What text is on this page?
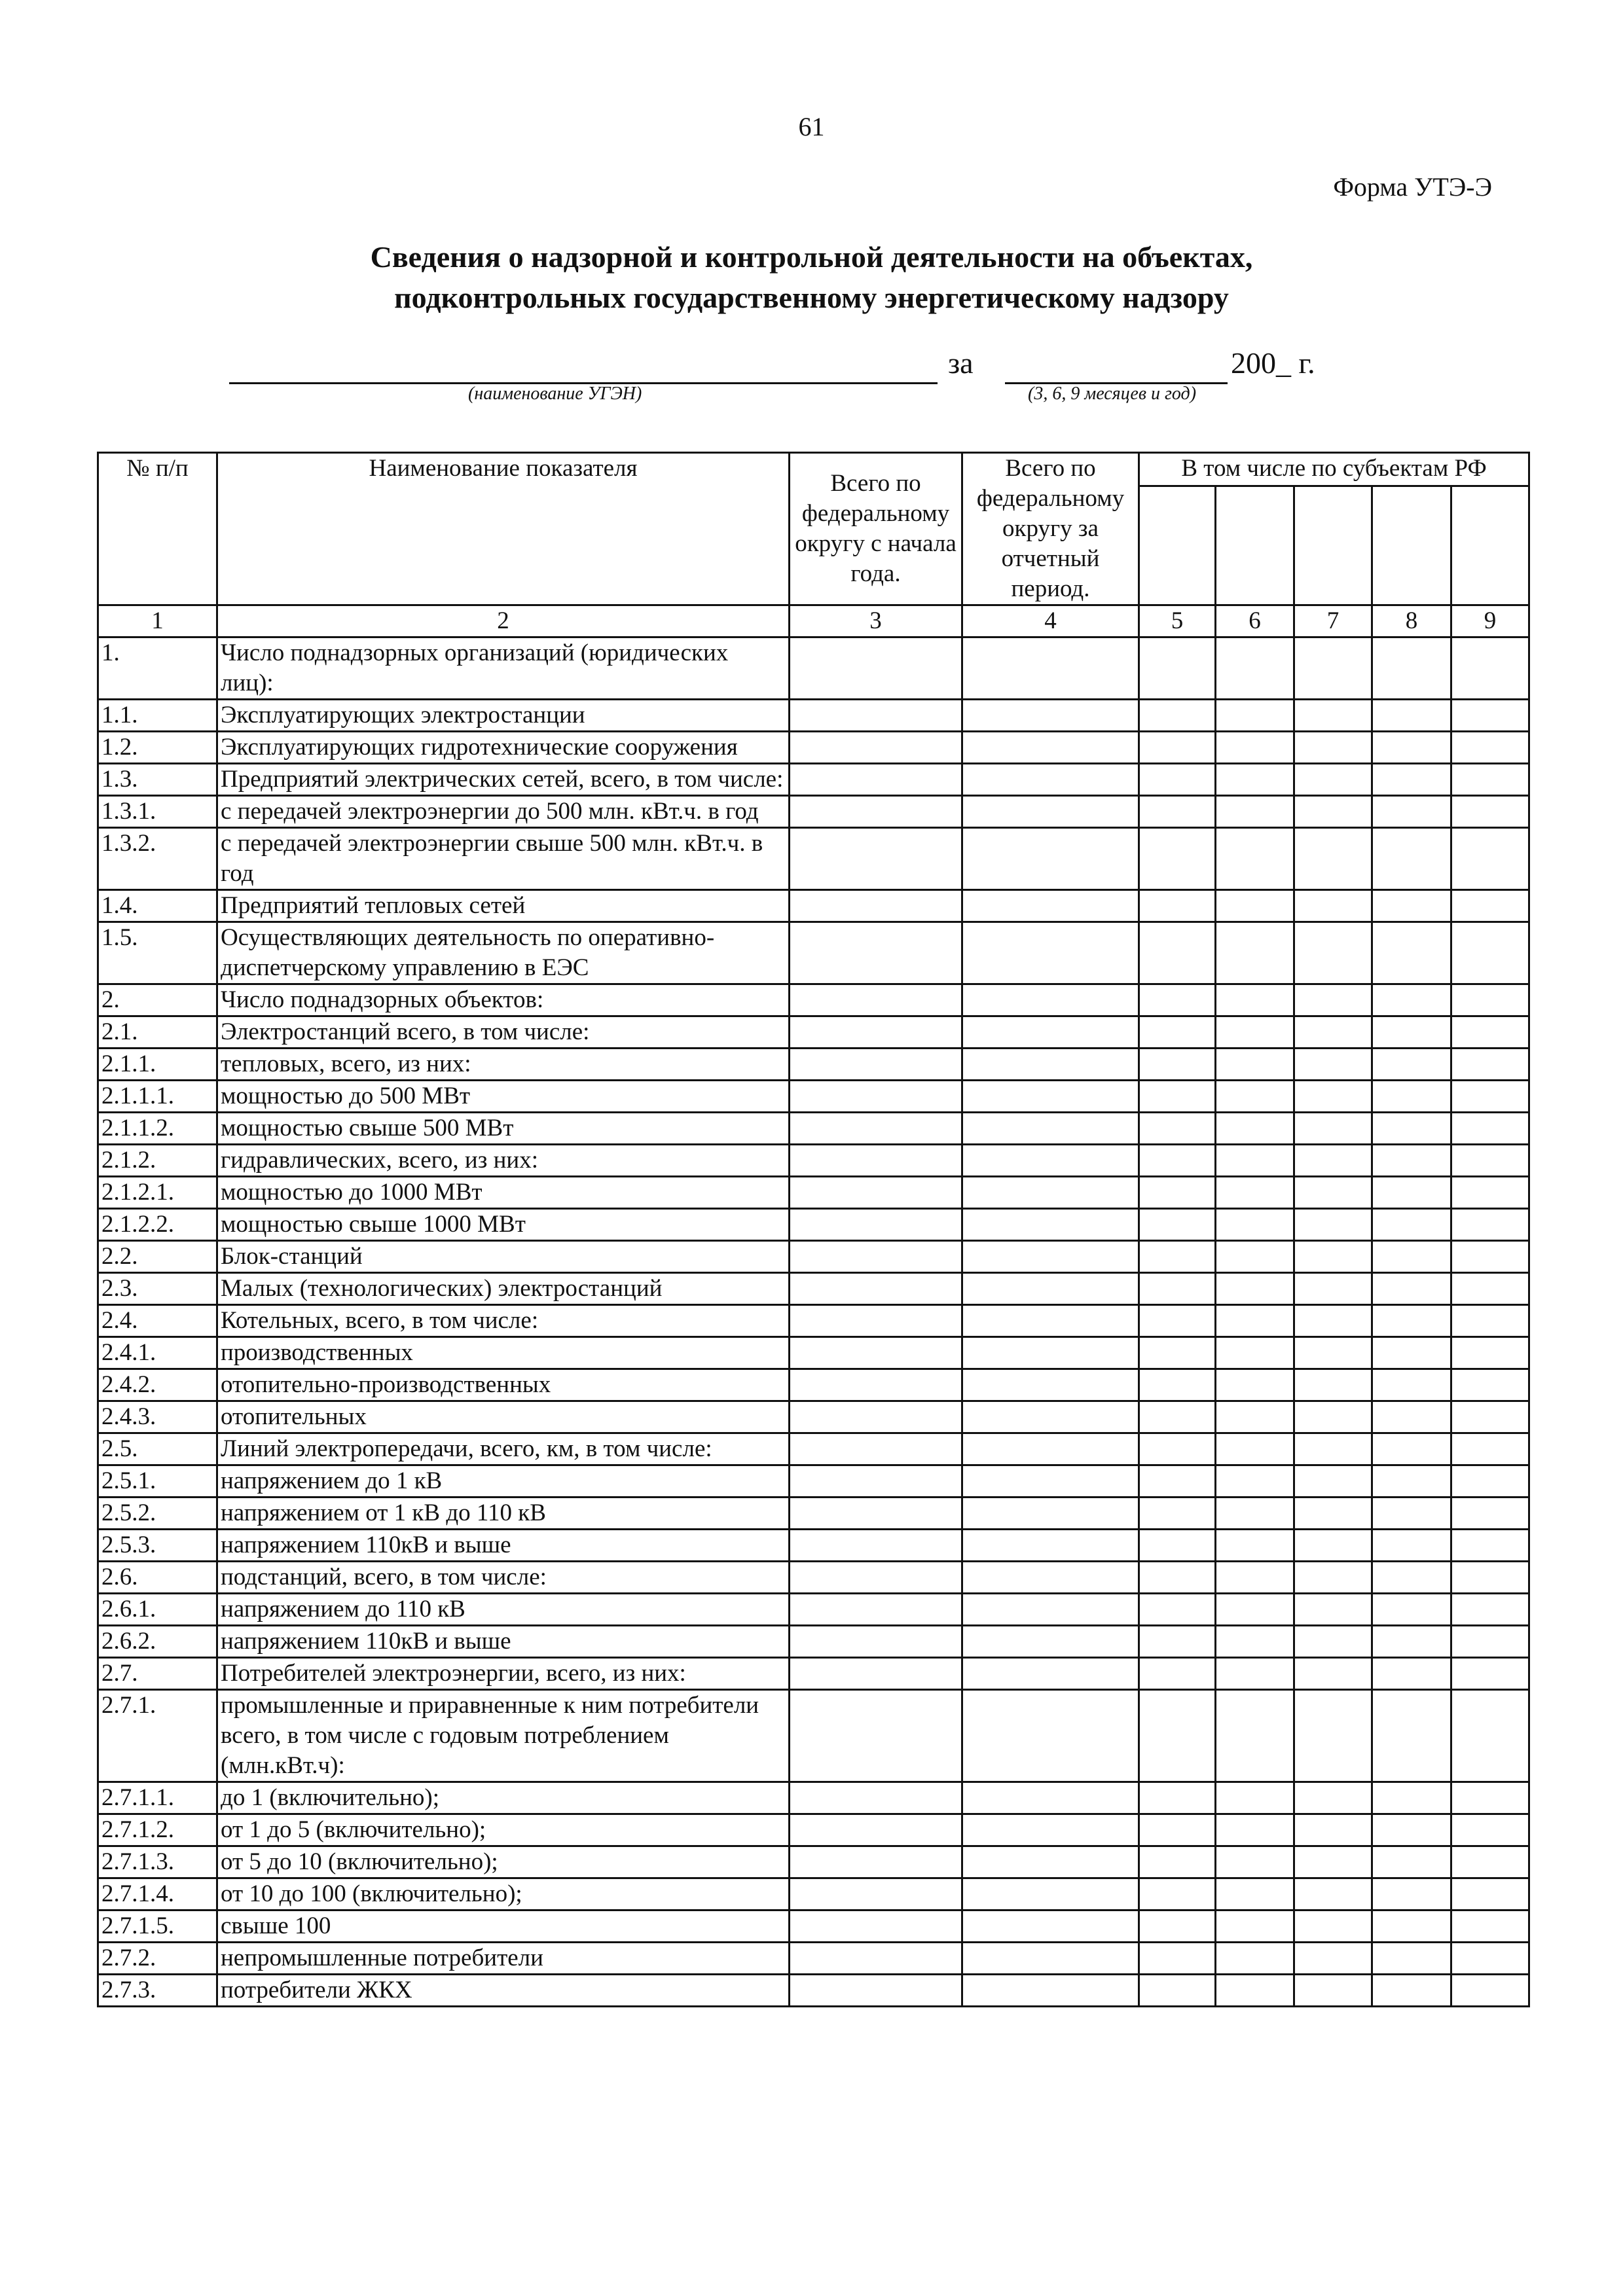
61
Форма УТЭ-Э
Сведения о надзорной и контрольной деятельности на объектах,
подконтрольных государственному энергетическому надзору
(наименование УГЭН)
за
(3, 6, 9 месяцев и год)
200_ г.
№ п/п	Наименование показателя	Всего по федеральному округу с начала года.	Всего по федеральному округу за отчетный период.	В том числе по субъектам РФ				

1	2	3	4	5	6	7	8	9
1.	Число поднадзорных организаций (юридических лиц):							
1.1.	Эксплуатирующих электростанции							
1.2.	Эксплуатирующих гидротехнические сооружения							
1.3.	Предприятий электрических сетей, всего, в том числе:							
1.3.1.	с передачей электроэнергии до 500 млн. кВт.ч. в год							
1.3.2.	с передачей электроэнергии свыше 500 млн. кВт.ч. в год							
1.4.	Предприятий тепловых сетей							
1.5.	Осуществляющих деятельность по оперативно-диспетчерскому управлению в ЕЭС							
2.	Число поднадзорных объектов:							
2.1.	Электростанций всего, в том числе:							
2.1.1.	тепловых, всего, из них:							
2.1.1.1.	мощностью до 500 МВт							
2.1.1.2.	мощностью свыше 500 МВт							
2.1.2.	гидравлических, всего, из них:							
2.1.2.1.	мощностью до 1000 МВт							
2.1.2.2.	мощностью свыше 1000 МВт							
2.2.	Блок-станций							
2.3.	Малых (технологических) электростанций							
2.4.	Котельных, всего, в том числе:							
2.4.1.	производственных							
2.4.2.	отопительно-производственных							
2.4.3.	отопительных							
2.5.	Линий электропередачи, всего, км, в том числе:							
2.5.1.	напряжением до 1 кВ							
2.5.2.	напряжением от 1 кВ до 110 кВ							
2.5.3.	напряжением 110кВ и выше							
2.6.	подстанций, всего, в том числе:							
2.6.1.	напряжением до 110 кВ							
2.6.2.	напряжением 110кВ и выше							
2.7.	Потребителей электроэнергии, всего, из них:							
2.7.1.	промышленные и приравненные к ним потребители всего, в том числе с годовым потреблением (млн.кВт.ч):							
2.7.1.1.	до 1 (включительно);							
2.7.1.2.	от 1 до 5 (включительно);							
2.7.1.3.	от 5 до 10 (включительно);							
2.7.1.4.	от 10 до 100 (включительно);							
2.7.1.5.	свыше 100							
2.7.2.	непромышленные потребители							
2.7.3.	потребители ЖКХ							
